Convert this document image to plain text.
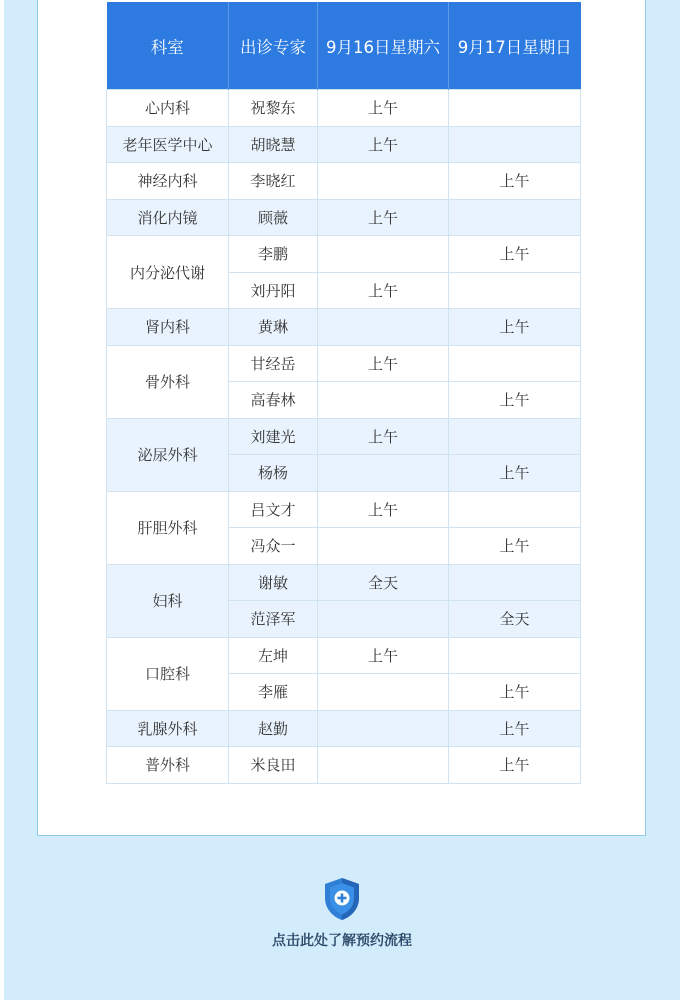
科室	出诊专家	9月16日星期六	9月17日星期日
心内科	祝黎东	上午	
老年医学中心	胡晓慧	上午	
神经内科	李晓红		上午
消化内镜	顾薇	上午	
内分泌代谢	李鹏		上午
	刘丹阳	上午	
肾内科	黄琳		上午
骨外科	甘经岳	上午	
	高春林		上午
泌尿外科	刘建光	上午	
	杨杨		上午
肝胆外科	吕文才	上午	
	冯众一		上午
妇科	谢敏	全天	
	范泽军		全天
口腔科	左坤	上午	
	李雁		上午
乳腺外科	赵勤		上午
普外科	米良田		上午
点击此处了解预约流程
